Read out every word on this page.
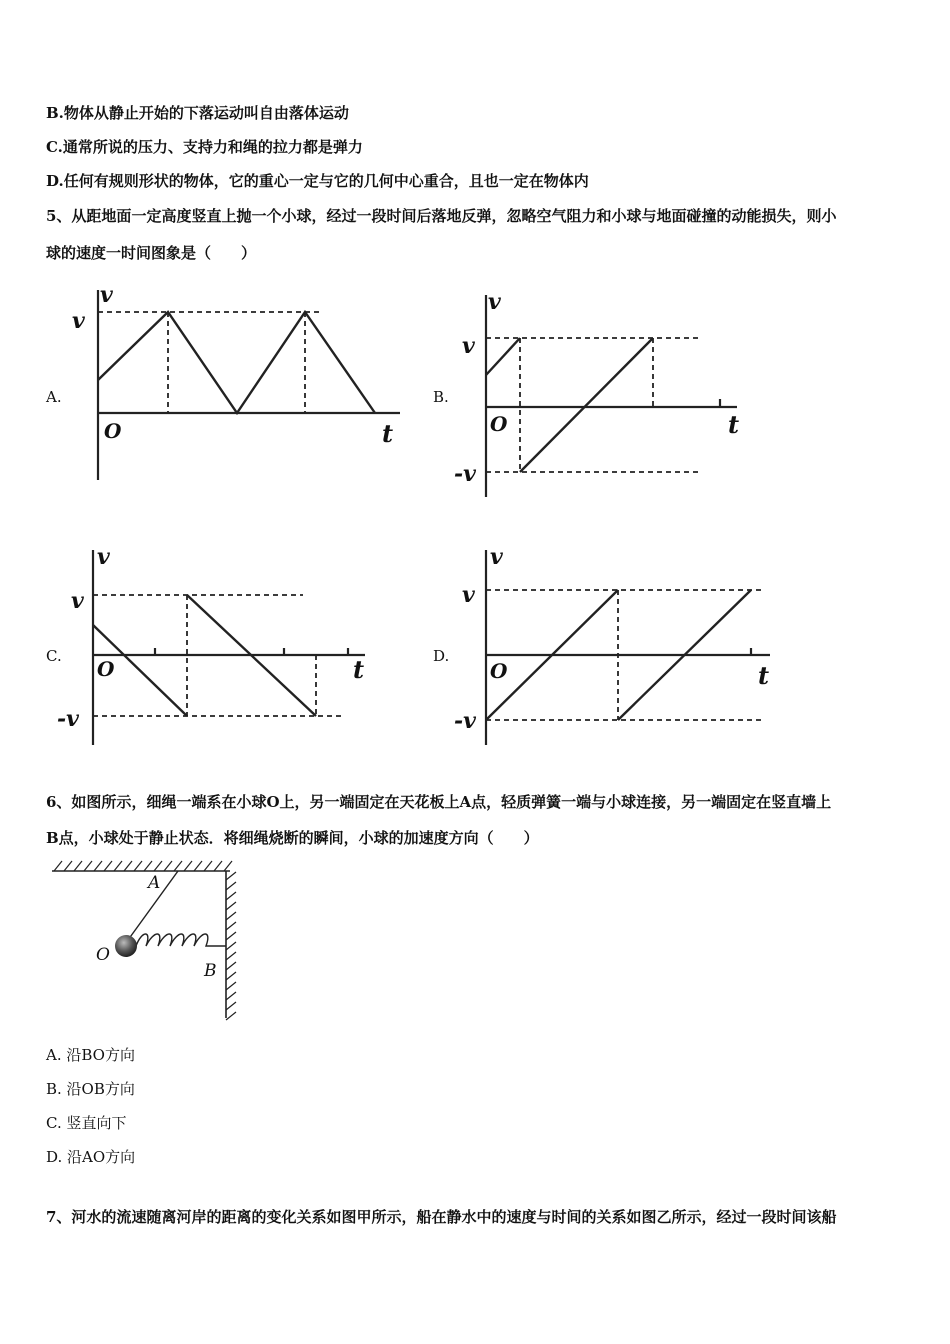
B.物体从静止开始的下落运动叫自由落体运动
C.通常所说的压力、支持力和绳的拉力都是弹力
D.任何有规则形状的物体，它的重心一定与它的几何中心重合，且也一定在物体内
5、从距地面一定高度竖直上抛一个小球，经过一段时间后落地反弹，忽略空气阻力和小球与地面碰撞的动能损失，则小
球的速度一时间图象是（　　）
A.	B.
C.	D.
v
v
O	t
v
v
-v
O	t
v
v
-v
O	t
v
v
-v
O	t
6、如图所示，细绳一端系在小球O上，另一端固定在天花板上A点，轻质弹簧一端与小球连接，另一端固定在竖直墙上
B点，小球处于静止状态．将细绳烧断的瞬间，小球的加速度方向（　　）
A
O
B
A. 沿BO方向
B. 沿OB方向
C. 竖直向下
D. 沿AO方向
7、河水的流速随离河岸的距离的变化关系如图甲所示，船在静水中的速度与时间的关系如图乙所示，经过一段时间该船
